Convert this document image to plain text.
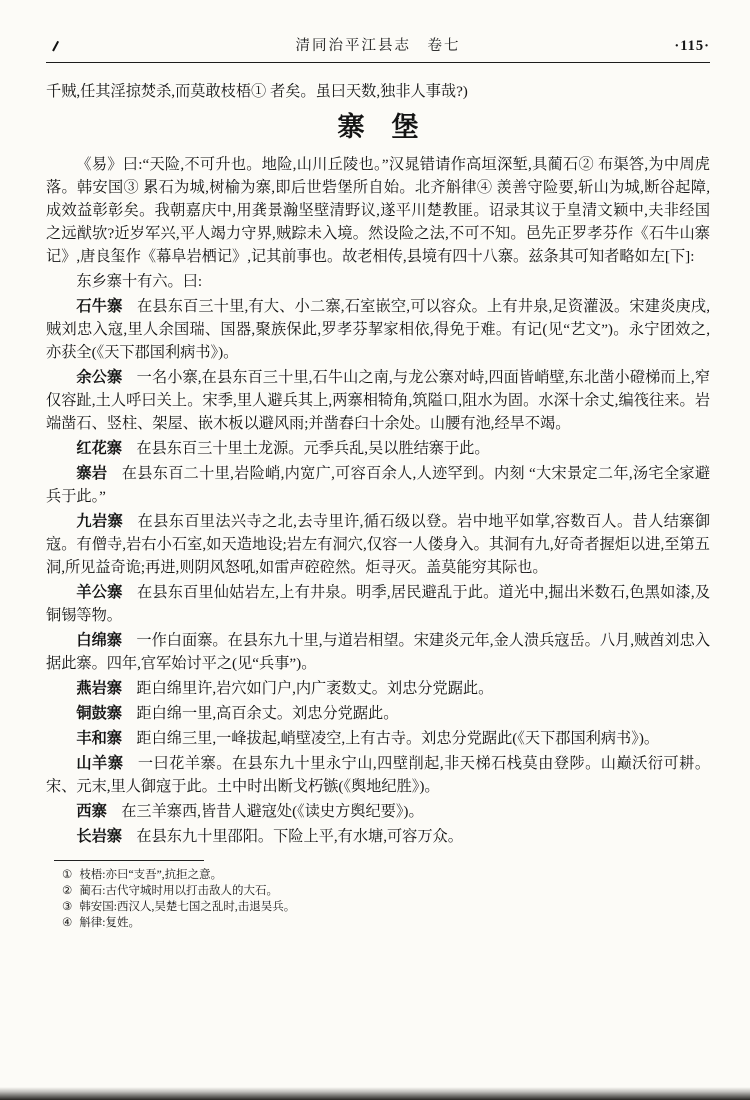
清同治平江县志　卷七	·115·

千贼,任其淫掠焚杀,而莫敢枝梧① 者矣。虽曰天数,独非人事哉?)

寨　堡

《易》曰:“天险,不可升也。地险,山川丘陵也。”汉晁错请作高垣深堑,具蔺石② 布渠答,为中周虎落。韩安国③ 累石为城,树榆为寨,即后世砦堡所自始。北齐斛律④ 羡善守险要,斩山为城,断谷起障,成效益彰彰矣。我朝嘉庆中,用龚景瀚坚壁清野议,遂平川楚教匪。诏录其议于皇清文颖中,夫非经国之远猷欤?近岁军兴,平人竭力守界,贼踪未入境。然设险之法,不可不知。邑先正罗孝芬作《石牛山寨记》,唐良玺作《幕阜岩栖记》,记其前事也。故老相传,县境有四十八寨。兹条其可知者略如左[下]:

东乡寨十有六。曰:

石牛寨 在县东百三十里,有大、小二寨,石室嵌空,可以容众。上有井泉,足资灌汲。宋建炎庚戌,贼刘忠入寇,里人余国瑞、国器,聚族保此,罗孝芬挈家相依,得免于难。有记(见“艺文”)。永宁团效之,亦获全(《天下郡国利病书》)。

余公寨 一名小寨,在县东百三十里,石牛山之南,与龙公寨对峙,四面皆峭壁,东北凿小磴梯而上,窄仅容趾,土人呼曰关上。宋季,里人避兵其上,两寨相犄角,筑隘口,阻水为固。水深十余丈,编筏往来。岩端凿石、竖柱、架屋、嵌木板以避风雨;并凿舂臼十余处。山腰有池,经旱不竭。

红花寨 在县东百三十里土龙源。元季兵乱,吴以胜结寨于此。

寨岩 在县东百二十里,岩险峭,内宽广,可容百余人,人迹罕到。内刻 “大宋景定二年,汤宅全家避兵于此。”

九岩寨 在县东百里法兴寺之北,去寺里许,循石级以登。岩中地平如掌,容数百人。昔人结寨御寇。有僧寺,岩右小石室,如天造地设;岩左有洞穴,仅容一人偻身入。其洞有九,好奇者握炬以进,至第五洞,所见益奇诡;再进,则阴风怒吼,如雷声硿硿然。炬寻灭。盖莫能穷其际也。

羊公寨 在县东百里仙姑岩左,上有井泉。明季,居民避乱于此。道光中,掘出米数石,色黑如漆,及铜锡等物。

白绵寨 一作白面寨。在县东九十里,与道岩相望。宋建炎元年,金人溃兵寇岳。八月,贼酋刘忠入据此寨。四年,官军始讨平之(见“兵事”)。

燕岩寨 距白绵里许,岩穴如门户,内广袤数丈。刘忠分党踞此。

铜鼓寨 距白绵一里,高百余丈。刘忠分党踞此。

丰和寨 距白绵三里,一峰拔起,峭壁凌空,上有古寺。刘忠分党踞此(《天下郡国利病书》)。

山羊寨 一曰花羊寨。在县东九十里永宁山,四壁削起,非天梯石栈莫由登陟。山巅沃衍可耕。宋、元末,里人御寇于此。土中时出断戈朽镞(《舆地纪胜》)。

西寨 在三羊寨西,皆昔人避寇处(《读史方舆纪要》)。

长岩寨 在县东九十里邵阳。下险上平,有水塘,可容万众。

① 枝梧:亦曰“支吾”,抗拒之意。
② 蔺石:古代守城时用以打击敌人的大石。
③ 韩安国:西汉人,吴楚七国之乱时,击退吴兵。
④ 斛律:复姓。
